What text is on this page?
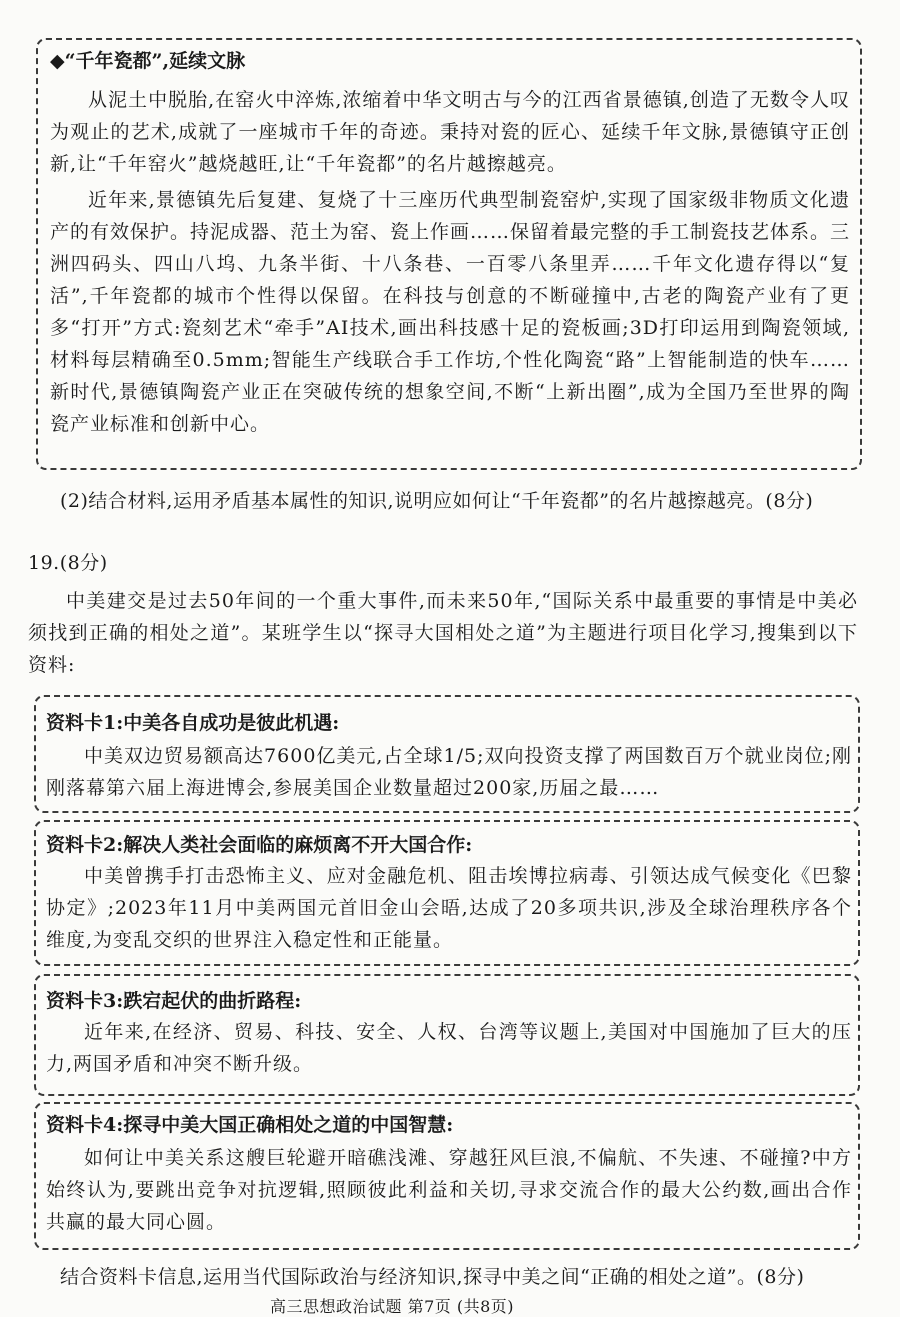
◆“千年瓷都”,延续文脉

从泥土中脱胎,在窑火中淬炼,浓缩着中华文明古与今的江西省景德镇,创造了无数令人叹为观止的艺术,成就了一座城市千年的奇迹。秉持对瓷的匠心、延续千年文脉,景德镇守正创新,让“千年窑火”越烧越旺,让“千年瓷都”的名片越擦越亮。

近年来,景德镇先后复建、复烧了十三座历代典型制瓷窑炉,实现了国家级非物质文化遗产的有效保护。持泥成器、范土为窑、瓷上作画……保留着最完整的手工制瓷技艺体系。三洲四码头、四山八坞、九条半街、十八条巷、一百零八条里弄……千年文化遗存得以“复活”,千年瓷都的城市个性得以保留。在科技与创意的不断碰撞中,古老的陶瓷产业有了更多“打开”方式:瓷刻艺术“牵手”AI技术,画出科技感十足的瓷板画;3D打印运用到陶瓷领域,材料每层精确至0.5mm;智能生产线联合手工作坊,个性化陶瓷“路”上智能制造的快车……新时代,景德镇陶瓷产业正在突破传统的想象空间,不断“上新出圈”,成为全国乃至世界的陶瓷产业标准和创新中心。

(2)结合材料,运用矛盾基本属性的知识,说明应如何让“千年瓷都”的名片越擦越亮。(8分)

19.(8分)

中美建交是过去50年间的一个重大事件,而未来50年,“国际关系中最重要的事情是中美必须找到正确的相处之道”。某班学生以“探寻大国相处之道”为主题进行项目化学习,搜集到以下资料:

资料卡1:中美各自成功是彼此机遇:

中美双边贸易额高达7600亿美元,占全球1/5;双向投资支撑了两国数百万个就业岗位;刚刚落幕第六届上海进博会,参展美国企业数量超过200家,历届之最……

资料卡2:解决人类社会面临的麻烦离不开大国合作:

中美曾携手打击恐怖主义、应对金融危机、阻击埃博拉病毒、引领达成气候变化《巴黎协定》;2023年11月中美两国元首旧金山会晤,达成了20多项共识,涉及全球治理秩序各个维度,为变乱交织的世界注入稳定性和正能量。

资料卡3:跌宕起伏的曲折路程:

近年来,在经济、贸易、科技、安全、人权、台湾等议题上,美国对中国施加了巨大的压力,两国矛盾和冲突不断升级。

资料卡4:探寻中美大国正确相处之道的中国智慧:

如何让中美关系这艘巨轮避开暗礁浅滩、穿越狂风巨浪,不偏航、不失速、不碰撞?中方始终认为,要跳出竞争对抗逻辑,照顾彼此利益和关切,寻求交流合作的最大公约数,画出合作共赢的最大同心圆。

结合资料卡信息,运用当代国际政治与经济知识,探寻中美之间“正确的相处之道”。(8分)

高三思想政治试题 第7页 (共8页)
